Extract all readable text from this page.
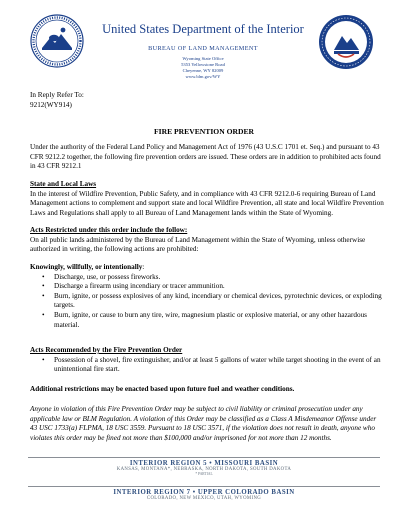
United States Department of the Interior
BUREAU OF LAND MANAGEMENT
Wyoming State Office
5353 Yellowstone Road
Cheyenne, WY 82009
www.blm.gov/WY
In Reply Refer To:
9212(WY914)
FIRE PREVENTION ORDER
Under the authority of the Federal Land Policy and Management Act of 1976 (43 U.S.C 1701 et. Seq.) and pursuant to 43 CFR 9212.2 together, the following fire prevention orders are issued. These orders are in addition to prohibited acts found in 43 CFR 9212.1
State and Local Laws
In the interest of Wildfire Prevention, Public Safety, and in compliance with 43 CFR 9212.0-6 requiring Bureau of Land Management actions to complement and support state and local Wildfire Prevention, all state and local Wildfire Prevention Laws and Regulations shall apply to all Bureau of Land Management lands within the State of Wyoming.
Acts Restricted under this order include the follow:
On all public lands administered by the Bureau of Land Management within the State of Wyoming, unless otherwise authorized in writing, the following actions are prohibited:
Knowingly, willfully, or intentionally:
• Discharge, use, or possess fireworks.
• Discharge a firearm using incendiary or tracer ammunition.
• Burn, ignite, or possess explosives of any kind, incendiary or chemical devices, pyrotechnic devices, or exploding targets.
• Burn, ignite, or cause to burn any tire, wire, magnesium plastic or explosive material, or any other hazardous material.
Acts Recommended by the Fire Prevention Order
• Possession of a shovel, fire extinguisher, and/or at least 5 gallons of water while target shooting in the event of an unintentional fire start.
Additional restrictions may be enacted based upon future fuel and weather conditions.
Anyone in violation of this Fire Prevention Order may be subject to civil liability or criminal prosecution under any applicable law or BLM Regulation. A violation of this Order may be classified as a Class A Misdemeanor Offense under 43 USC 1733(a) FLPMA, 18 USC 3559. Pursuant to 18 USC 3571, if the violation does not result in death, anyone who violates this order may be fined not more than $100,000 and/or imprisoned for not more than 12 months.
INTERIOR REGION 5 • MISSOURI BASIN
KANSAS, MONTANA*, NEBRASKA, NORTH DAKOTA, SOUTH DAKOTA
* PARTIAL
INTERIOR REGION 7 • UPPER COLORADO BASIN
COLORADO, NEW MEXICO, UTAH, WYOMING
